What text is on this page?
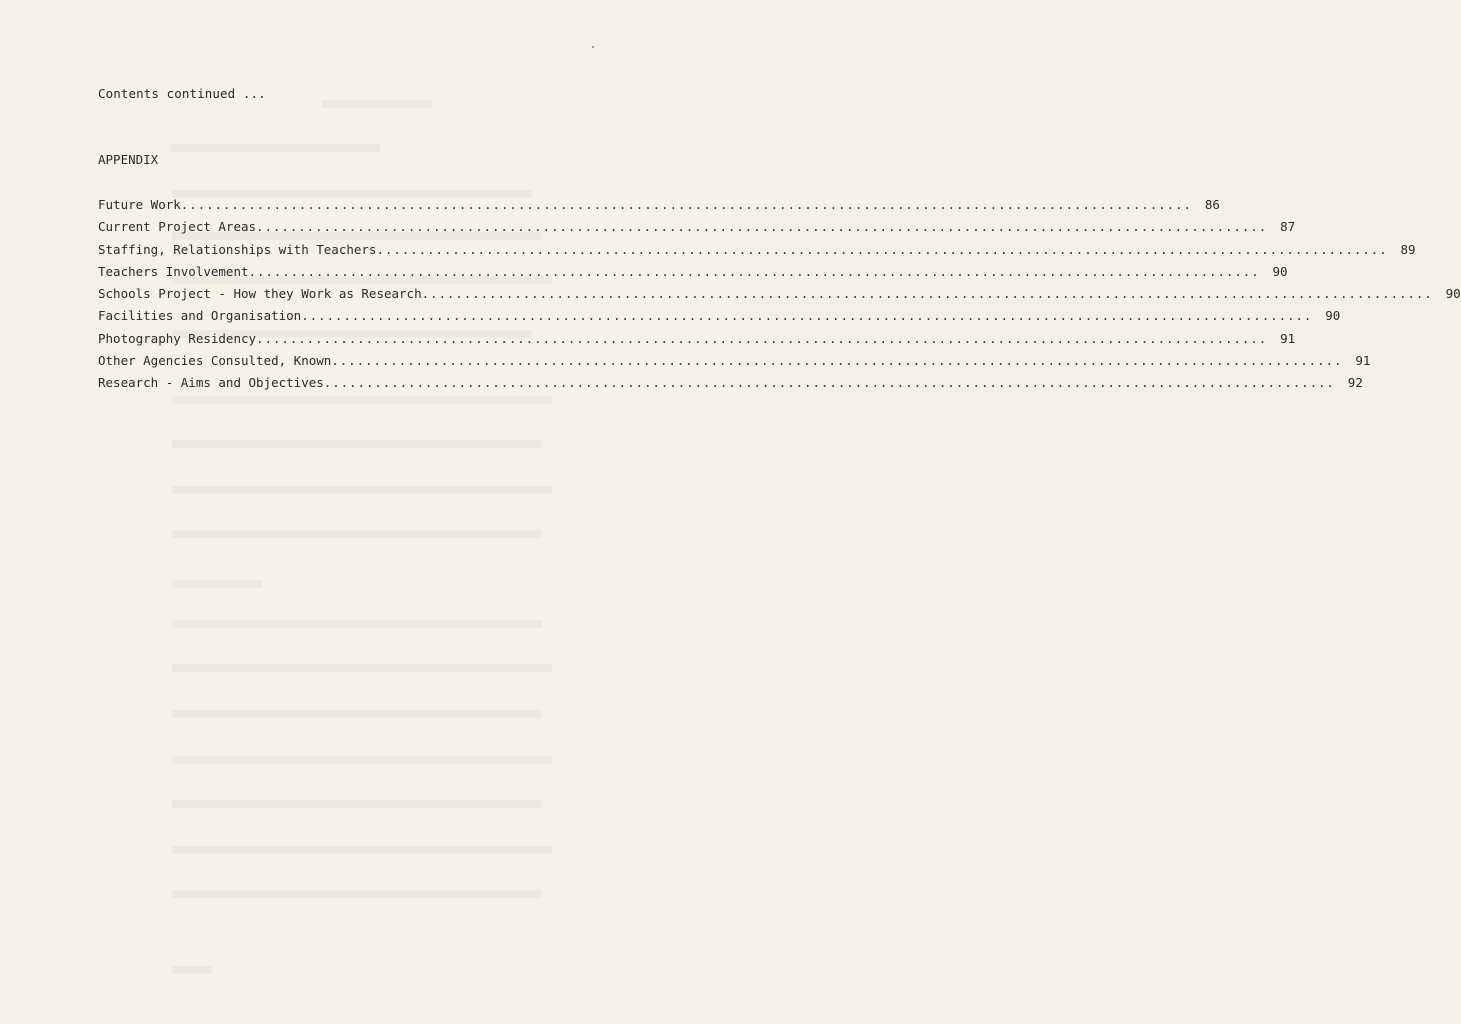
Contents continued ...
APPENDIX
Future Work ........................................................................................................................	86
Current Project Areas ........................................................................................................................	87
Staffing, Relationships with Teachers ........................................................................................................................	89
Teachers Involvement ........................................................................................................................	90
Schools Project - How they Work as Research ........................................................................................................................	90
Facilities and Organisation ........................................................................................................................	90
Photography Residency ........................................................................................................................	91
Other Agencies Consulted, Known ........................................................................................................................	91
Research - Aims and Objectives ........................................................................................................................	92
